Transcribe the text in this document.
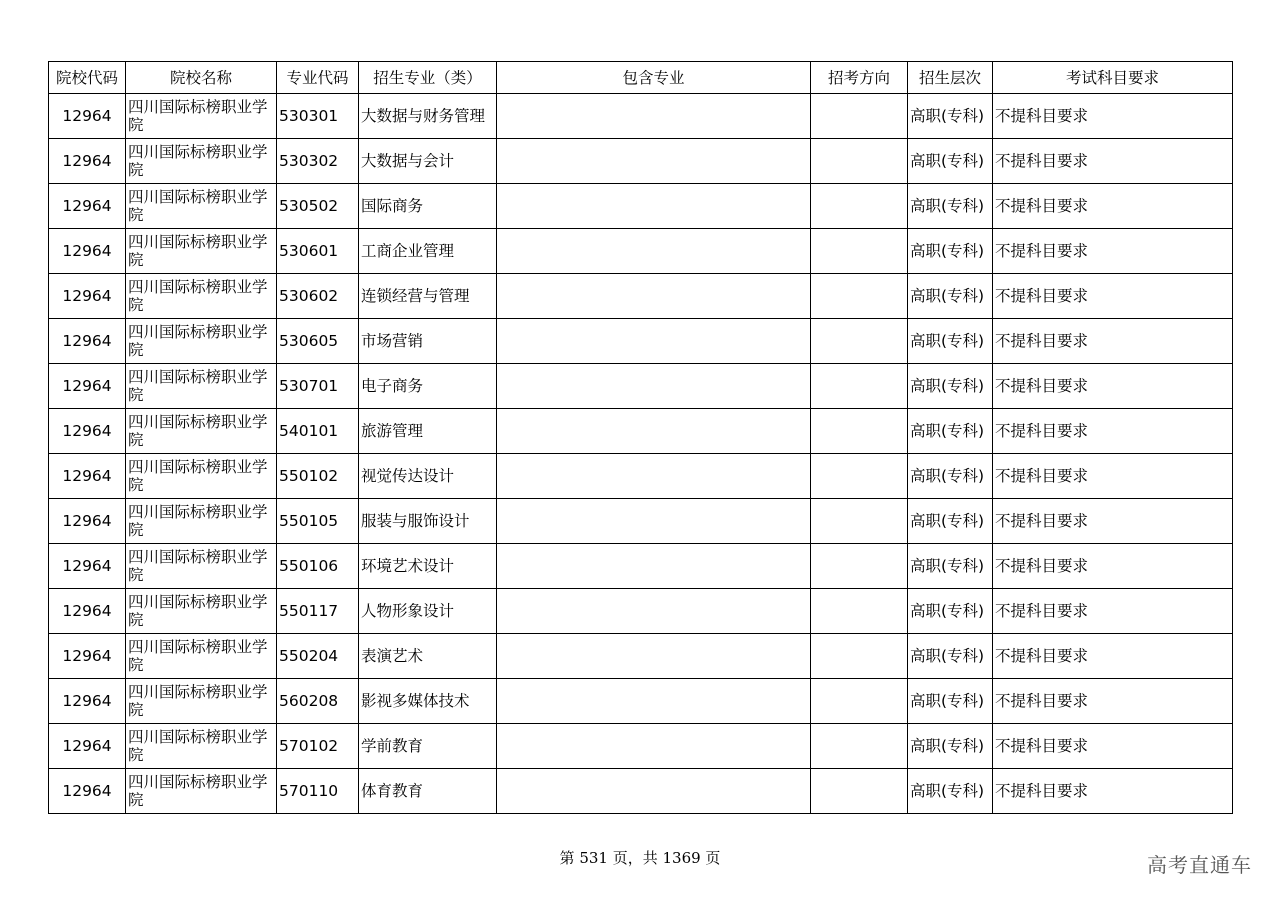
院校代码	院校名称	专业代码	招生专业（类）	包含专业	招考方向	招生层次	考试科目要求
12964	四川国际标榜职业学院	530301	大数据与财务管理			高职(专科)	不提科目要求
12964	四川国际标榜职业学院	530302	大数据与会计			高职(专科)	不提科目要求
12964	四川国际标榜职业学院	530502	国际商务			高职(专科)	不提科目要求
12964	四川国际标榜职业学院	530601	工商企业管理			高职(专科)	不提科目要求
12964	四川国际标榜职业学院	530602	连锁经营与管理			高职(专科)	不提科目要求
12964	四川国际标榜职业学院	530605	市场营销			高职(专科)	不提科目要求
12964	四川国际标榜职业学院	530701	电子商务			高职(专科)	不提科目要求
12964	四川国际标榜职业学院	540101	旅游管理			高职(专科)	不提科目要求
12964	四川国际标榜职业学院	550102	视觉传达设计			高职(专科)	不提科目要求
12964	四川国际标榜职业学院	550105	服装与服饰设计			高职(专科)	不提科目要求
12964	四川国际标榜职业学院	550106	环境艺术设计			高职(专科)	不提科目要求
12964	四川国际标榜职业学院	550117	人物形象设计			高职(专科)	不提科目要求
12964	四川国际标榜职业学院	550204	表演艺术			高职(专科)	不提科目要求
12964	四川国际标榜职业学院	560208	影视多媒体技术			高职(专科)	不提科目要求
12964	四川国际标榜职业学院	570102	学前教育			高职(专科)	不提科目要求
12964	四川国际标榜职业学院	570110	体育教育			高职(专科)	不提科目要求
第 531 页，共 1369 页	高考直通车
